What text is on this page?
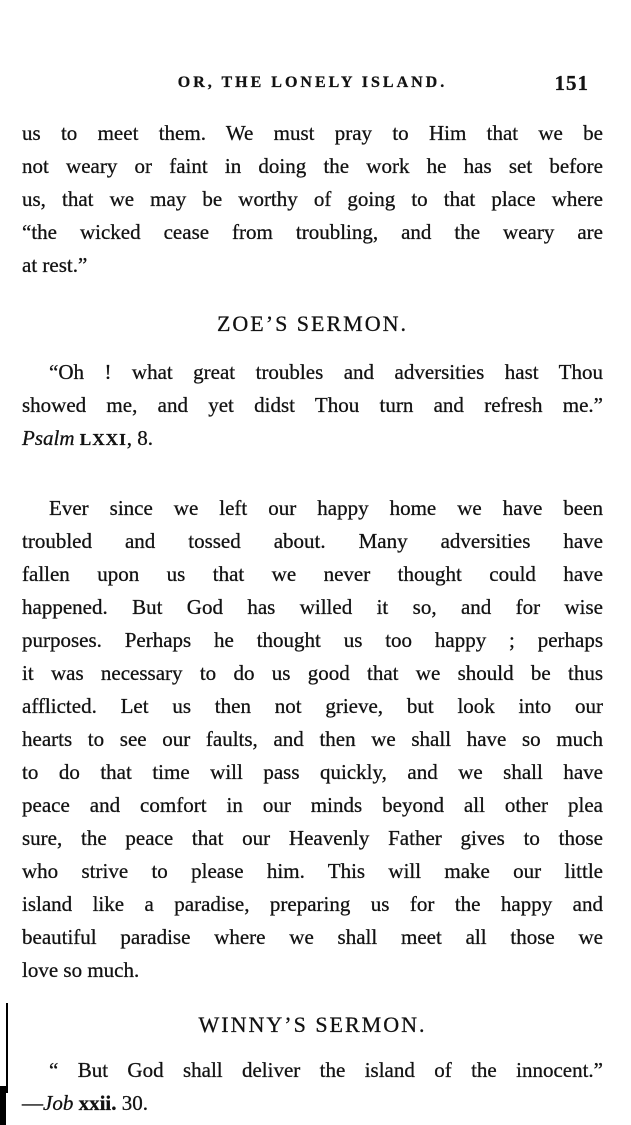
OR, THE LONELY ISLAND.	151
us to meet them. We must pray to Him that we be
not weary or faint in doing the work he has set before
us, that we may be worthy of going to that place where
“the wicked cease from troubling, and the weary are
at rest.”
ZOE’S SERMON.
“Oh ! what great troubles and adversities hast Thou
showed me, and yet didst Thou turn and refresh me.”
Psalm LXXI, 8.
Ever since we left our happy home we have been
troubled and tossed about. Many adversities have
fallen upon us that we never thought could have
happened. But God has willed it so, and for wise
purposes. Perhaps he thought us too happy ; perhaps
it was necessary to do us good that we should be thus
afflicted. Let us then not grieve, but look into our
hearts to see our faults, and then we shall have so much
to do that time will pass quickly, and we shall have
peace and comfort in our minds beyond all other plea
sure, the peace that our Heavenly Father gives to those
who strive to please him. This will make our little
island like a paradise, preparing us for the happy and
beautiful paradise where we shall meet all those we
love so much.
WINNY’S SERMON.
“ But God shall deliver the island of the innocent.”
—Job xxii. 30.
